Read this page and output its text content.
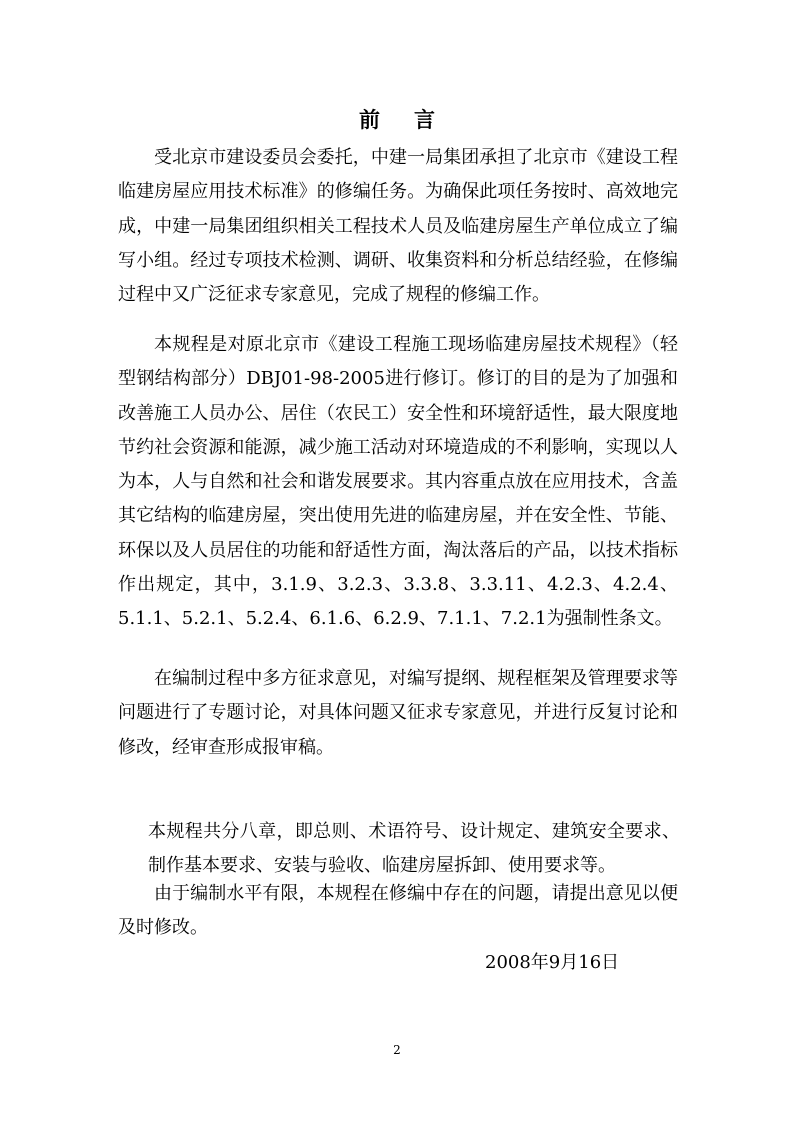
前言

受北京市建设委员会委托，中建一局集团承担了北京市《建设工程临建房屋应用技术标准》的修编任务。为确保此项任务按时、高效地完成，中建一局集团组织相关工程技术人员及临建房屋生产单位成立了编写小组。经过专项技术检测、调研、收集资料和分析总结经验，在修编过程中又广泛征求专家意见，完成了规程的修编工作。

本规程是对原北京市《建设工程施工现场临建房屋技术规程》（轻型钢结构部分）DBJ01-98-2005进行修订。修订的目的是为了加强和改善施工人员办公、居住（农民工）安全性和环境舒适性，最大限度地节约社会资源和能源，减少施工活动对环境造成的不利影响，实现以人为本，人与自然和社会和谐发展要求。其内容重点放在应用技术，含盖其它结构的临建房屋，突出使用先进的临建房屋，并在安全性、节能、环保以及人员居住的功能和舒适性方面，淘汰落后的产品，以技术指标作出规定，其中，3.1.9、3.2.3、3.3.8、3.3.11、4.2.3、4.2.4、5.1.1、5.2.1、5.2.4、6.1.6、6.2.9、7.1.1、7.2.1为强制性条文。

在编制过程中多方征求意见，对编写提纲、规程框架及管理要求等问题进行了专题讨论，对具体问题又征求专家意见，并进行反复讨论和修改，经审查形成报审稿。

本规程共分八章，即总则、术语符号、设计规定、建筑安全要求、制作基本要求、安装与验收、临建房屋拆卸、使用要求等。

由于编制水平有限，本规程在修编中存在的问题，请提出意见以便及时修改。

2008年9月16日
2
